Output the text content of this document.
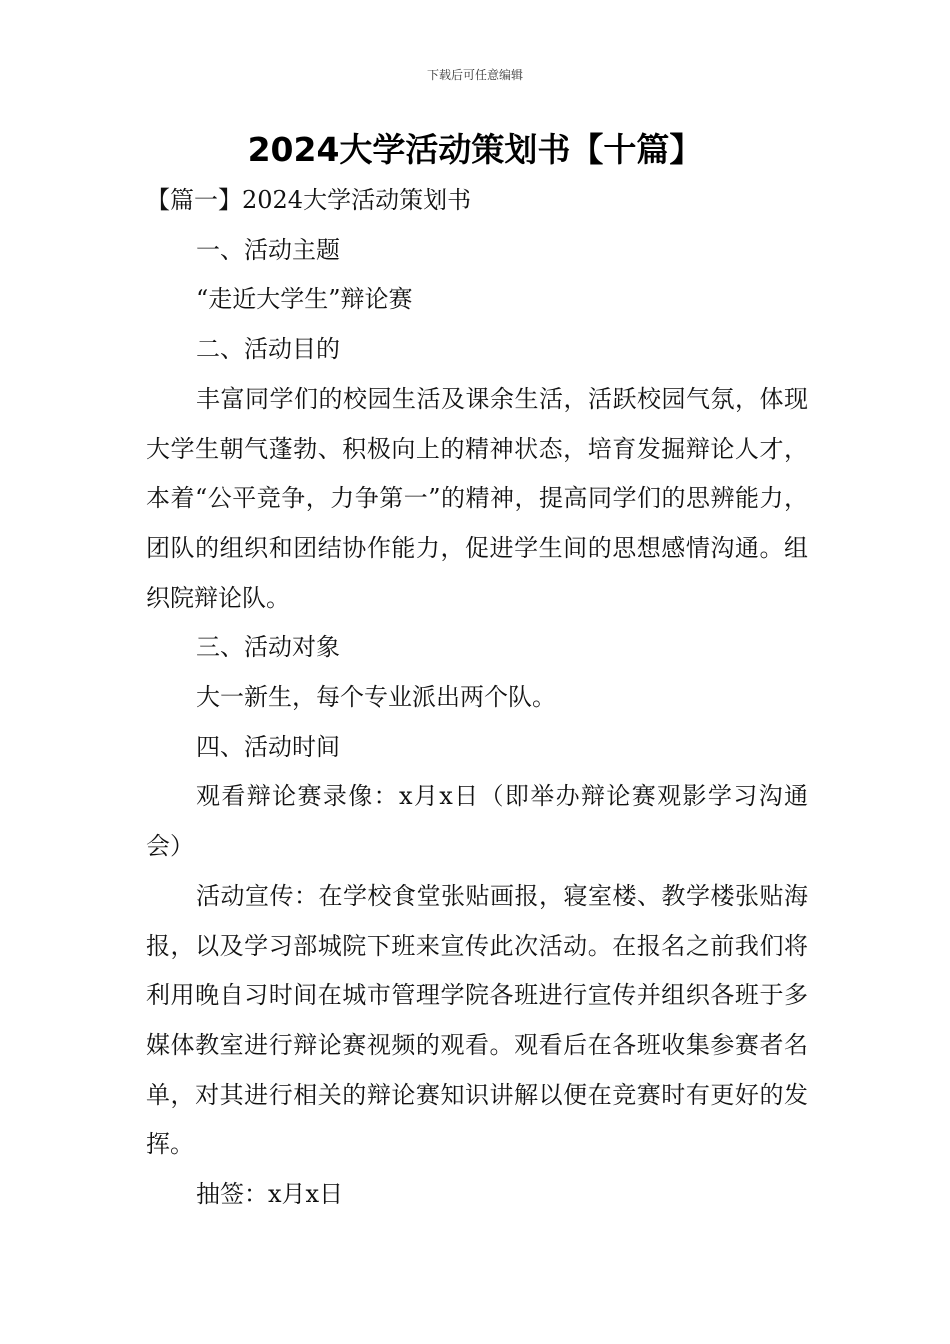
下载后可任意编辑
2024大学活动策划书【十篇】

【篇一】2024大学活动策划书

一、活动主题

“走近大学生”辩论赛

二、活动目的

丰富同学们的校园生活及课余生活，活跃校园气氛，体现大学生朝气蓬勃、积极向上的精神状态，培育发掘辩论人才，本着“公平竞争，力争第一”的精神，提高同学们的思辨能力，团队的组织和团结协作能力，促进学生间的思想感情沟通。组织院辩论队。

三、活动对象

大一新生，每个专业派出两个队。

四、活动时间

观看辩论赛录像：x月x日（即举办辩论赛观影学习沟通会）

活动宣传：在学校食堂张贴画报，寝室楼、教学楼张贴海报，以及学习部城院下班来宣传此次活动。在报名之前我们将利用晚自习时间在城市管理学院各班进行宣传并组织各班于多媒体教室进行辩论赛视频的观看。观看后在各班收集参赛者名单，对其进行相关的辩论赛知识讲解以便在竞赛时有更好的发挥。

抽签：x月x日
